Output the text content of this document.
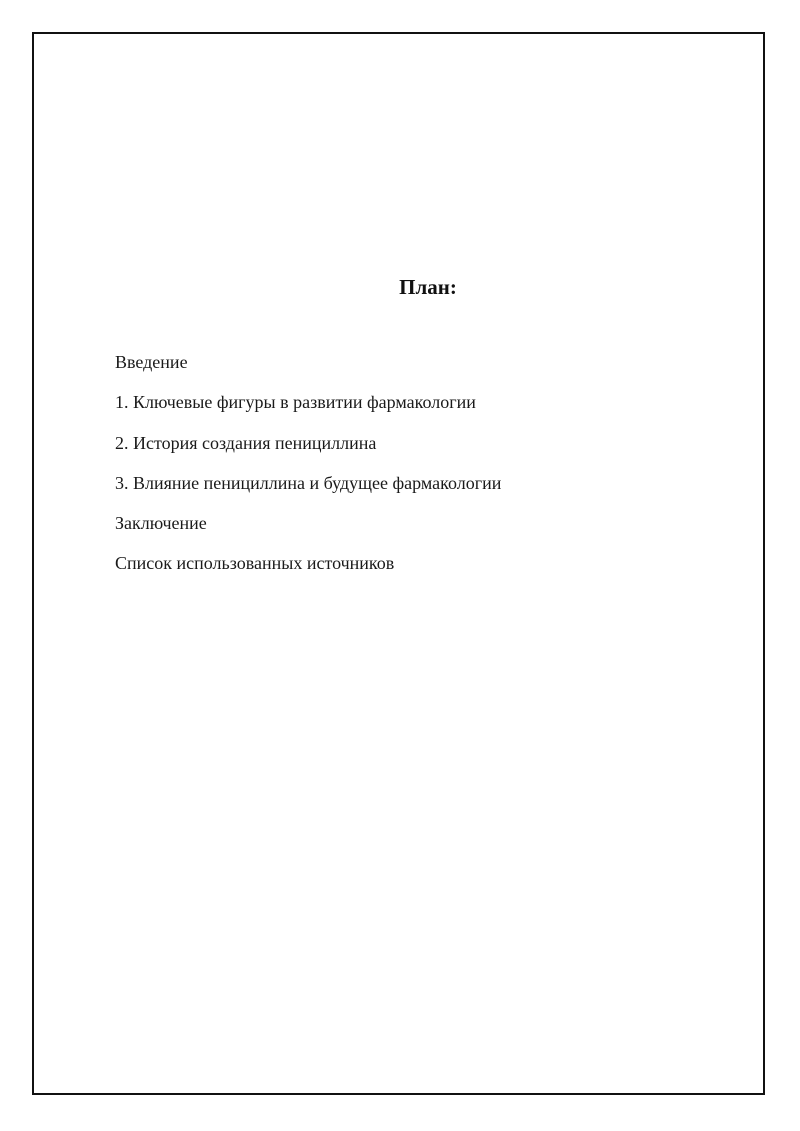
План:
Введение
1. Ключевые фигуры в развитии фармакологии
2. История создания пенициллина
3. Влияние пенициллина и будущее фармакологии
Заключение
Список использованных источников
